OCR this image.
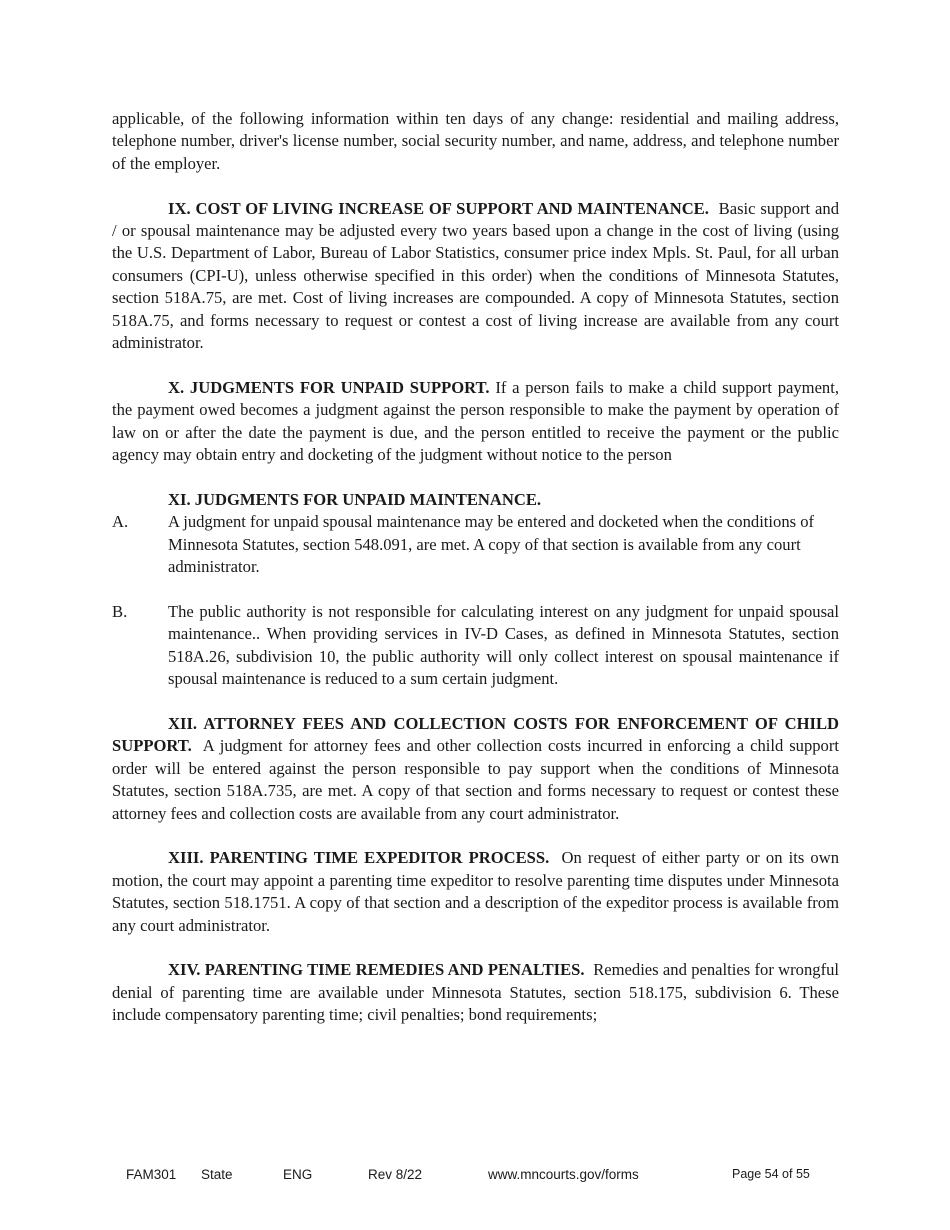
applicable, of the following information within ten days of any change: residential and mailing address, telephone number, driver's license number, social security number, and name, address, and telephone number of the employer.

IX. COST OF LIVING INCREASE OF SUPPORT AND MAINTENANCE. Basic support and / or spousal maintenance may be adjusted every two years based upon a change in the cost of living (using the U.S. Department of Labor, Bureau of Labor Statistics, consumer price index Mpls. St. Paul, for all urban consumers (CPI-U), unless otherwise specified in this order) when the conditions of Minnesota Statutes, section 518A.75, are met. Cost of living increases are compounded. A copy of Minnesota Statutes, section 518A.75, and forms necessary to request or contest a cost of living increase are available from any court administrator.

X. JUDGMENTS FOR UNPAID SUPPORT. If a person fails to make a child support payment, the payment owed becomes a judgment against the person responsible to make the payment by operation of law on or after the date the payment is due, and the person entitled to receive the payment or the public agency may obtain entry and docketing of the judgment without notice to the person

XI. JUDGMENTS FOR UNPAID MAINTENANCE.
A.	A judgment for unpaid spousal maintenance may be entered and docketed when the conditions of Minnesota Statutes, section 548.091, are met. A copy of that section is available from any court administrator.
B.	The public authority is not responsible for calculating interest on any judgment for unpaid spousal maintenance.. When providing services in IV-D Cases, as defined in Minnesota Statutes, section 518A.26, subdivision 10, the public authority will only collect interest on spousal maintenance if spousal maintenance is reduced to a sum certain judgment.

XII. ATTORNEY FEES AND COLLECTION COSTS FOR ENFORCEMENT OF CHILD SUPPORT. A judgment for attorney fees and other collection costs incurred in enforcing a child support order will be entered against the person responsible to pay support when the conditions of Minnesota Statutes, section 518A.735, are met. A copy of that section and forms necessary to request or contest these attorney fees and collection costs are available from any court administrator.

XIII. PARENTING TIME EXPEDITOR PROCESS. On request of either party or on its own motion, the court may appoint a parenting time expeditor to resolve parenting time disputes under Minnesota Statutes, section 518.1751. A copy of that section and a description of the expeditor process is available from any court administrator.

XIV. PARENTING TIME REMEDIES AND PENALTIES. Remedies and penalties for wrongful denial of parenting time are available under Minnesota Statutes, section 518.175, subdivision 6. These include compensatory parenting time; civil penalties; bond requirements;

FAM301 State	ENG	Rev 8/22	www.mncourts.gov/forms	Page 54 of 55
